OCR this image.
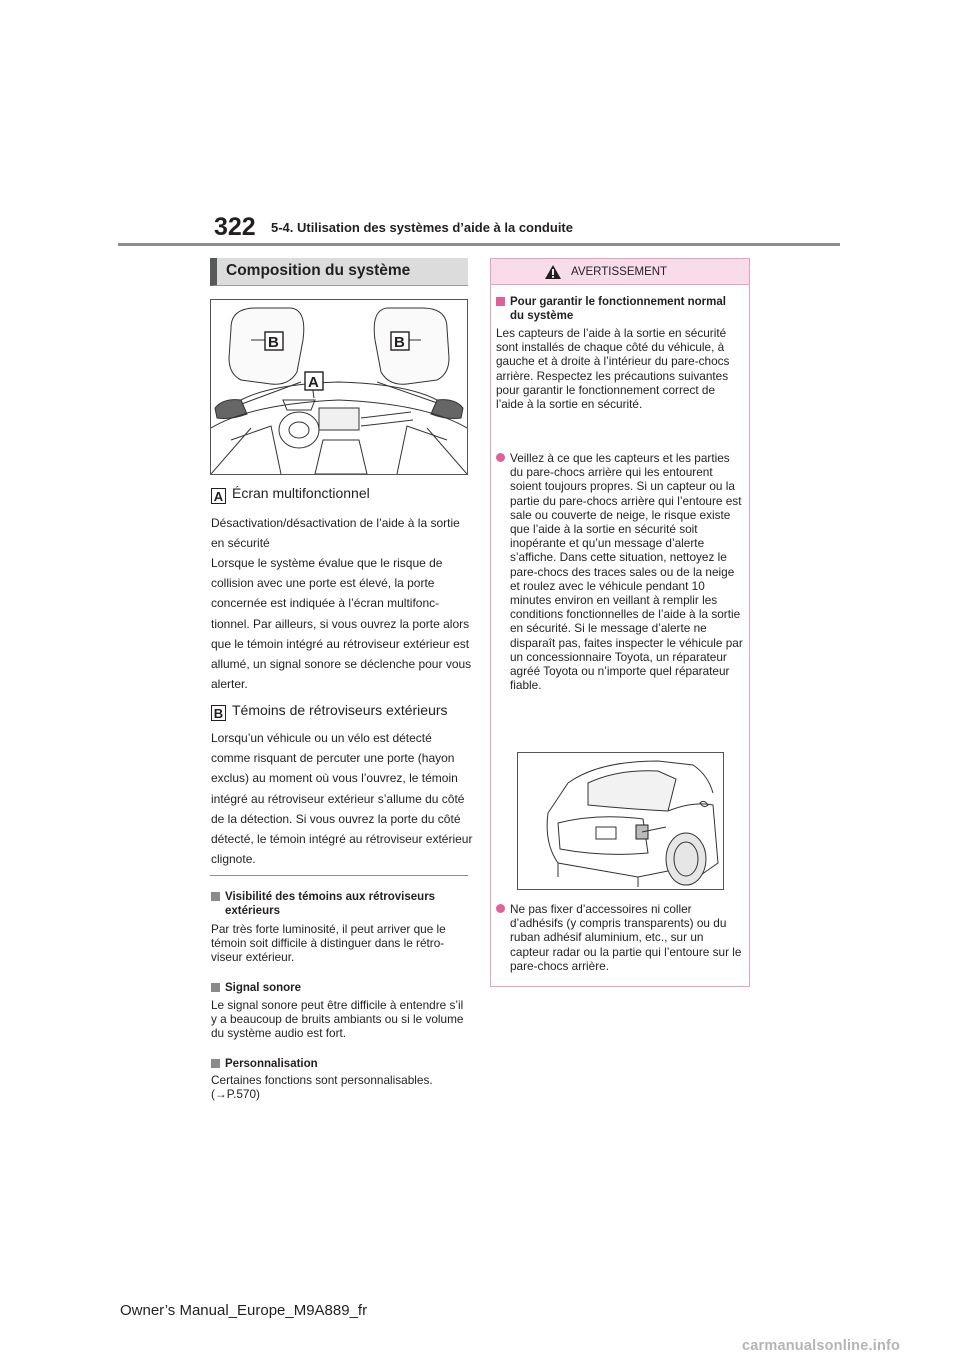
322 5-4. Utilisation des systèmes d’aide à la conduite
Composition du système
B	B
A
A Écran multifonctionnel
Désactivation/désactivation de l’aide à la sortie en sécurité
Lorsque le système évalue que le risque de collision avec une porte est élevé, la porte concernée est indiquée à l’écran multifonctionnel. Par ailleurs, si vous ouvrez la porte alors que le témoin intégré au rétroviseur extérieur est allumé, un signal sonore se déclenche pour vous alerter.
B Témoins de rétroviseurs extérieurs
Lorsqu’un véhicule ou un vélo est détecté comme risquant de percuter une porte (hayon exclus) au moment où vous l’ouvrez, le témoin intégré au rétroviseur extérieur s’allume du côté de la détection. Si vous ouvrez la porte du côté détecté, le témoin intégré au rétroviseur extérieur clignote.
Visibilité des témoins aux rétroviseurs extérieurs
Par très forte luminosité, il peut arriver que le témoin soit difficile à distinguer dans le rétroviseur extérieur.
Signal sonore
Le signal sonore peut être difficile à entendre s’il y a beaucoup de bruits ambiants ou si le volume du système audio est fort.
Personnalisation
Certaines fonctions sont personnalisables. (→P.570)
AVERTISSEMENT
Pour garantir le fonctionnement normal du système
Les capteurs de l’aide à la sortie en sécurité sont installés de chaque côté du véhicule, à gauche et à droite à l’intérieur du pare-chocs arrière. Respectez les précautions suivantes pour garantir le fonctionnement correct de l’aide à la sortie en sécurité.
Veillez à ce que les capteurs et les parties du pare-chocs arrière qui les entourent soient toujours propres. Si un capteur ou la partie du pare-chocs arrière qui l’entoure est sale ou couverte de neige, le risque existe que l’aide à la sortie en sécurité soit inopérante et qu’un message d’alerte s’affiche. Dans cette situation, nettoyez le pare-chocs des traces sales ou de la neige et roulez avec le véhicule pendant 10 minutes environ en veillant à remplir les conditions fonctionnelles de l’aide à la sortie en sécurité. Si le message d’alerte ne disparaît pas, faites inspecter le véhicule par un concessionnaire Toyota, un réparateur agréé Toyota ou n’importe quel réparateur fiable.
Ne pas fixer d’accessoires ni coller d’adhésifs (y compris transparents) ou du ruban adhésif aluminium, etc., sur un capteur radar ou la partie qui l’entoure sur le pare-chocs arrière.
Owner’s Manual_Europe_M9A889_fr
carmanualsonline.info
